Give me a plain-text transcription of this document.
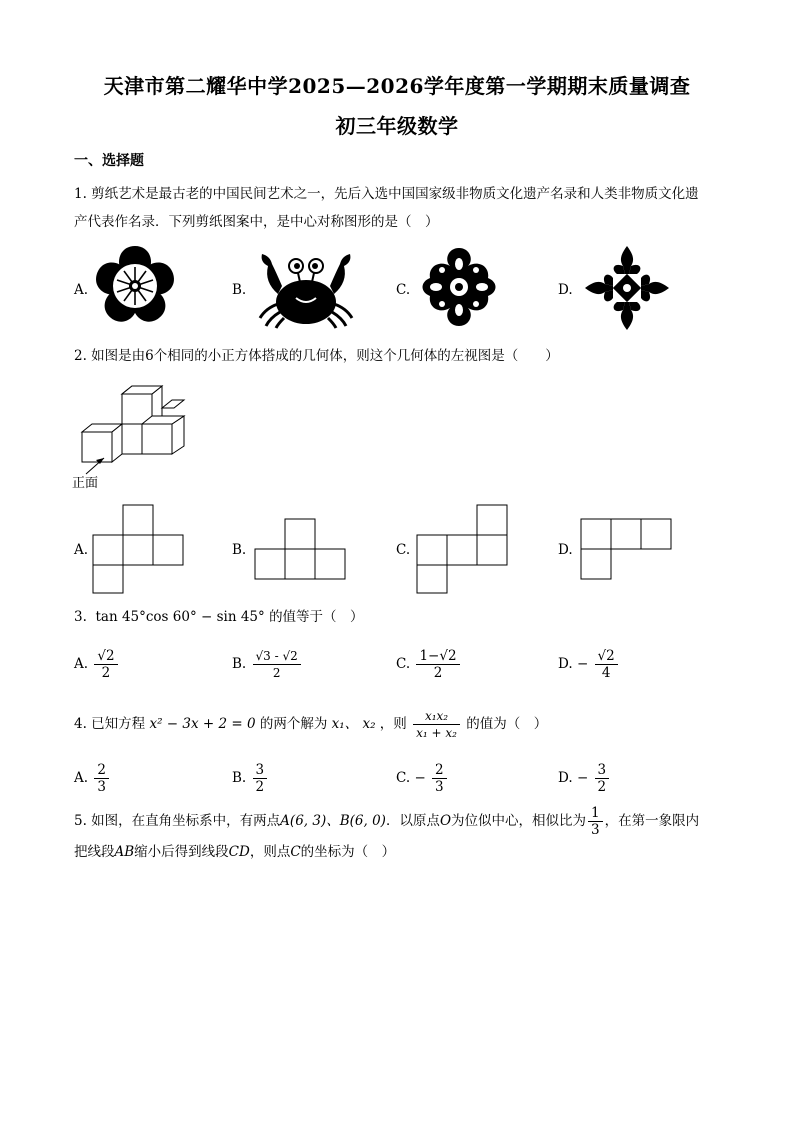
天津市第二耀华中学2025—2026学年度第一学期期末质量调查
初三年级数学
一、选择题
1. 剪纸艺术是最古老的中国民间艺术之一，先后入选中国国家级非物质文化遗产名录和人类非物质文化遗
产代表作名录．下列剪纸图案中，是中心对称图形的是（　）
A.	B.	C.	D.
2. 如图是由6个相同的小正方体搭成的几何体，则这个几何体的左视图是（　　）
正面
A.	B.	C.	D.
3. tan 45°cos 60° − sin 45° 的值等于（　）
A. $\frac{√2}{2}$	B. $\frac{√3 - √2}{2}$	C. $\frac{1-√2}{2}$	D. − $\frac{√2}{4}$
4. 已知方程 x² − 3x + 2 = 0 的两个解为 x₁、 x₂ ，则 $\frac{\text{x₁x₂}}{\text{x₁ + x₂}}$ 的值为（　）
A. $\frac{2}{3}$	B. $\frac{3}{2}$	C. − $\frac{2}{3}$	D. − $\frac{3}{2}$
5. 如图，在直角坐标系中，有两点A(6, 3)、B(6, 0)．以原点O为位似中心，相似比为 $\frac{1}{3}$ ，在第一象限内
把线段AB缩小后得到线段CD，则点C的坐标为（　）
